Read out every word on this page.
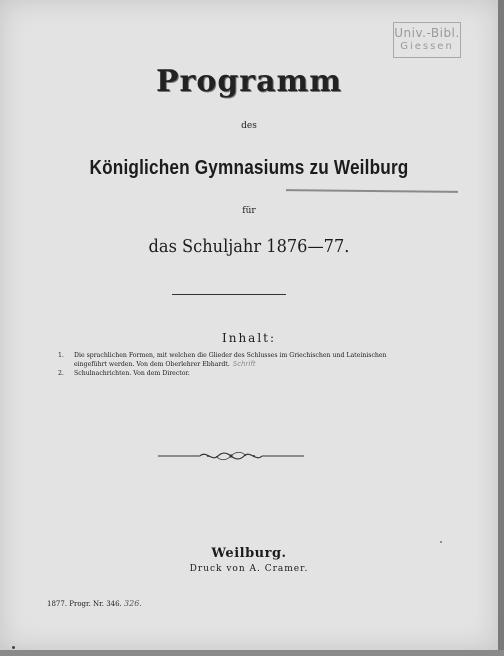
Univ.-Bibl.
Giessen
Programm
des
Königlichen Gymnasiums zu Weilburg
für
das Schuljahr 1876—77.
Inhalt:
1. Die sprachlichen Formen, mit welchen die Glieder des Schlusses im Griechischen und Lateinischen
eingeführt werden. Von dem Oberlehrer Ebhardt. Schrift
2. Schulnachrichten. Von dem Director.
Weilburg.
Druck von A. Cramer.
1877. Progr. Nr. 346. 326.
